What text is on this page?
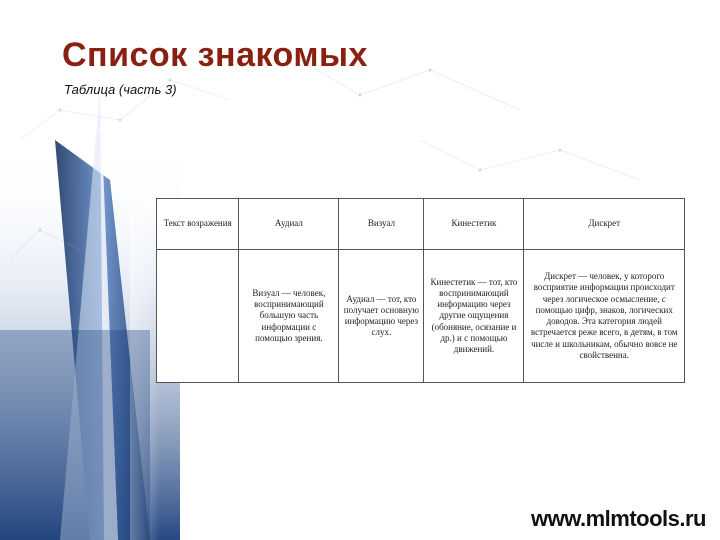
Список знакомых
Таблица (часть 3)
Текст возражения	Аудиал	Визуал	Кинестетик	Дискрет
	Визуал — человек, воспринимающий большую часть информации с помощью зрения.	Аудиал — тот, кто получает основную информацию через слух.	Кинестетик — тот, кто воспринимающий информацию через другие ощущения (обоняние, осязание и др.) и с помощью движений.	Дискрет — человек, у которого восприятие информации происходит через логическое осмысление, с помощью цифр, знаков, логических доводов. Эта категория людей встречается реже всего, в детям, в том числе и школьникам, обычно вовсе не свойственна.
www.mlmtools.ru
